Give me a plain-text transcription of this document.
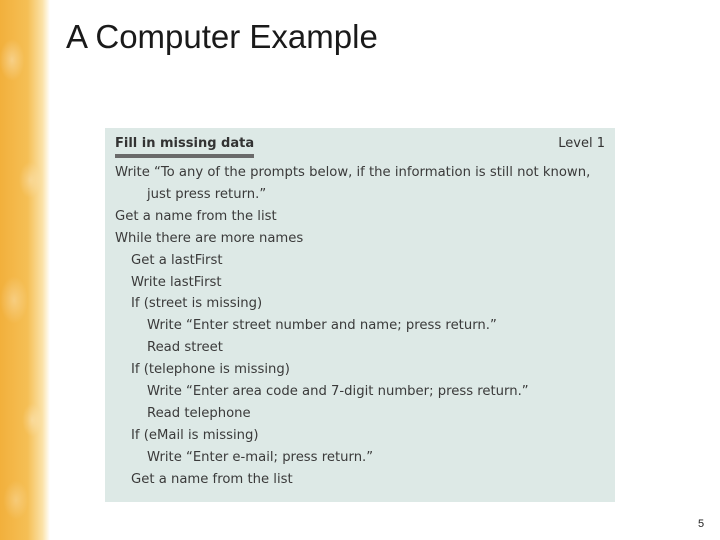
A Computer Example
Fill in missing data	Level 1
Write “To any of the prompts below, if the information is still not known,
just press return.”
Get a name from the list
While there are more names
Get a lastFirst
Write lastFirst
If (street is missing)
Write “Enter street number and name; press return.”
Read street
If (telephone is missing)
Write “Enter area code and 7-digit number; press return.”
Read telephone
If (eMail is missing)
Write “Enter e-mail; press return.”
Get a name from the list
5
